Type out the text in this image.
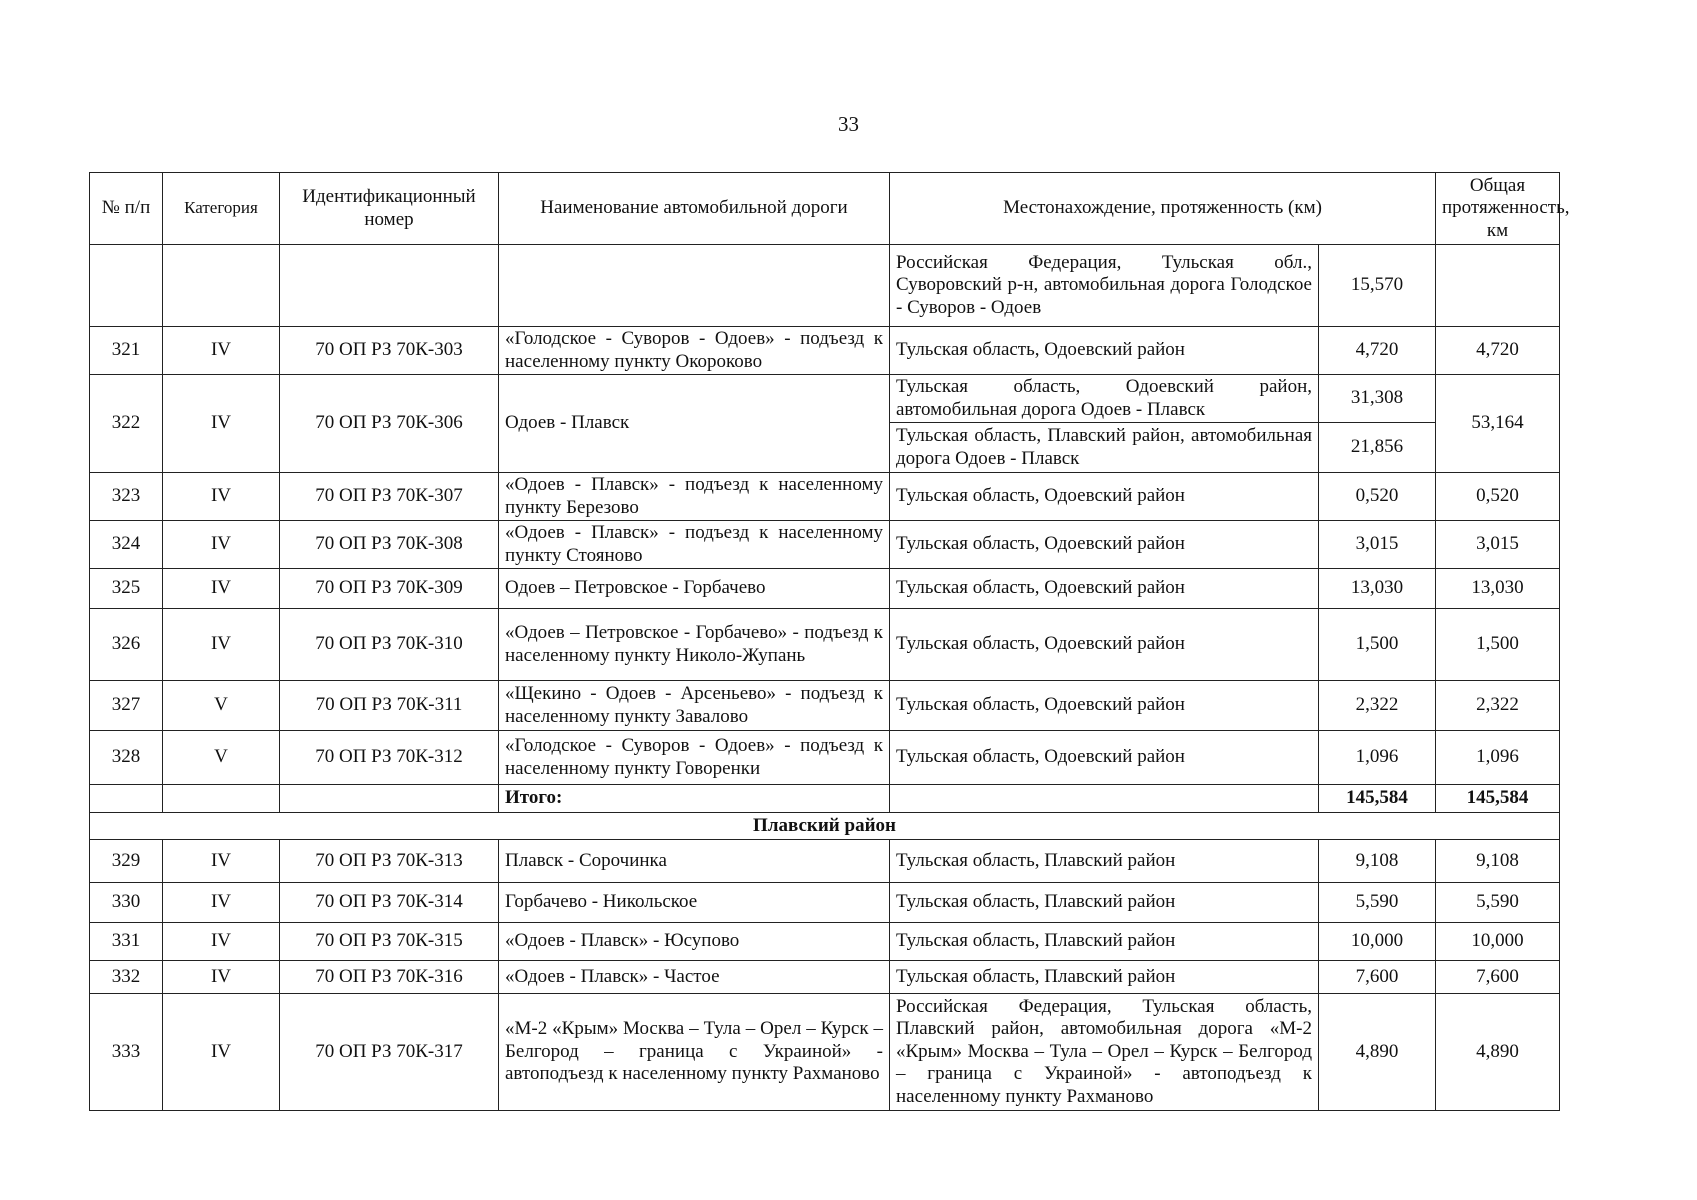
33
№ п/п	Категория	Идентификационный номер	Наименование автомобильной дороги	Местонахождение, протяженность (км)		Общая протяженность, км
				Российская Федерация, Тульская обл., Суворовский р-н, автомобильная дорога Голодское - Суворов - Одоев	15,570	
321	IV	70 ОП РЗ 70К-303	«Голодское - Суворов - Одоев» - подъезд к населенному пункту Окороково	Тульская область, Одоевский район	4,720	4,720
322	IV	70 ОП РЗ 70К-306	Одоев - Плавск	Тульская область, Одоевский район, автомобильная дорога Одоев - Плавск	31,308	53,164
				Тульская область, Плавский район, автомобильная дорога Одоев - Плавск	21,856	
323	IV	70 ОП РЗ 70К-307	«Одоев - Плавск» - подъезд к населенному пункту Березово	Тульская область, Одоевский район	0,520	0,520
324	IV	70 ОП РЗ 70К-308	«Одоев - Плавск» - подъезд к населенному пункту Стояново	Тульская область, Одоевский район	3,015	3,015
325	IV	70 ОП РЗ 70К-309	Одоев – Петровское - Горбачево	Тульская область, Одоевский район	13,030	13,030
326	IV	70 ОП РЗ 70К-310	«Одоев – Петровское - Горбачево» - подъезд к населенному пункту Николо-Жупань	Тульская область, Одоевский район	1,500	1,500
327	V	70 ОП РЗ 70К-311	«Щекино - Одоев - Арсеньево» - подъезд к населенному пункту Завалово	Тульская область, Одоевский район	2,322	2,322
328	V	70 ОП РЗ 70К-312	«Голодское - Суворов - Одоев» - подъезд к населенному пункту Говоренки	Тульская область, Одоевский район	1,096	1,096
			Итого:		145,584	145,584
Плавский район						
329	IV	70 ОП РЗ 70К-313	Плавск - Сорочинка	Тульская область, Плавский район	9,108	9,108
330	IV	70 ОП РЗ 70К-314	Горбачево - Никольское	Тульская область, Плавский район	5,590	5,590
331	IV	70 ОП РЗ 70К-315	«Одоев - Плавск» - Юсупово	Тульская область, Плавский район	10,000	10,000
332	IV	70 ОП РЗ 70К-316	«Одоев - Плавск» - Частое	Тульская область, Плавский район	7,600	7,600
333	IV	70 ОП РЗ 70К-317	«М-2 «Крым» Москва – Тула – Орел – Курск – Белгород – граница с Украиной» - автоподъезд к населенному пункту Рахманово	Российская Федерация, Тульская область, Плавский район, автомобильная дорога «М-2 «Крым» Москва – Тула – Орел – Курск – Белгород – граница с Украиной» - автоподъезд к населенному пункту Рахманово	4,890	4,890
